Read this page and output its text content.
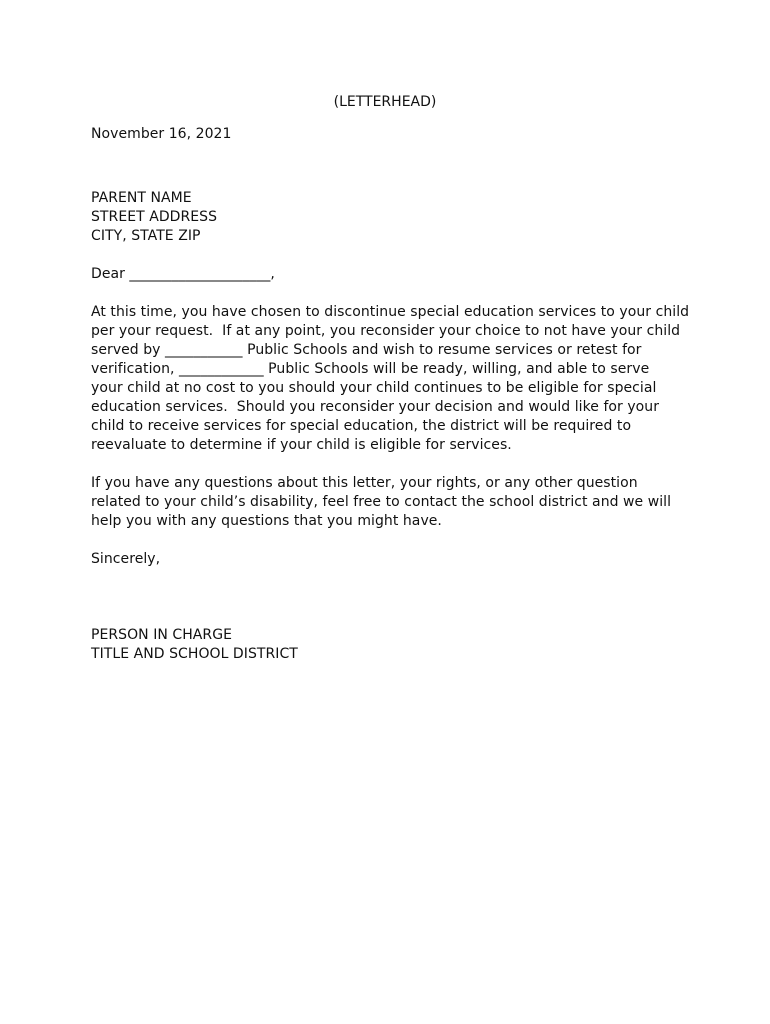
(LETTERHEAD)
November 16, 2021
PARENT NAME
STREET ADDRESS
CITY, STATE ZIP
Dear ____________________,
At this time, you have chosen to discontinue special education services to your child
per your request.  If at any point, you reconsider your choice to not have your child
served by ___________ Public Schools and wish to resume services or retest for
verification, ____________ Public Schools will be ready, willing, and able to serve
your child at no cost to you should your child continues to be eligible for special
education services.  Should you reconsider your decision and would like for your
child to receive services for special education, the district will be required to
reevaluate to determine if your child is eligible for services.
If you have any questions about this letter, your rights, or any other question
related to your child’s disability, feel free to contact the school district and we will
help you with any questions that you might have.
Sincerely,
PERSON IN CHARGE
TITLE AND SCHOOL DISTRICT
